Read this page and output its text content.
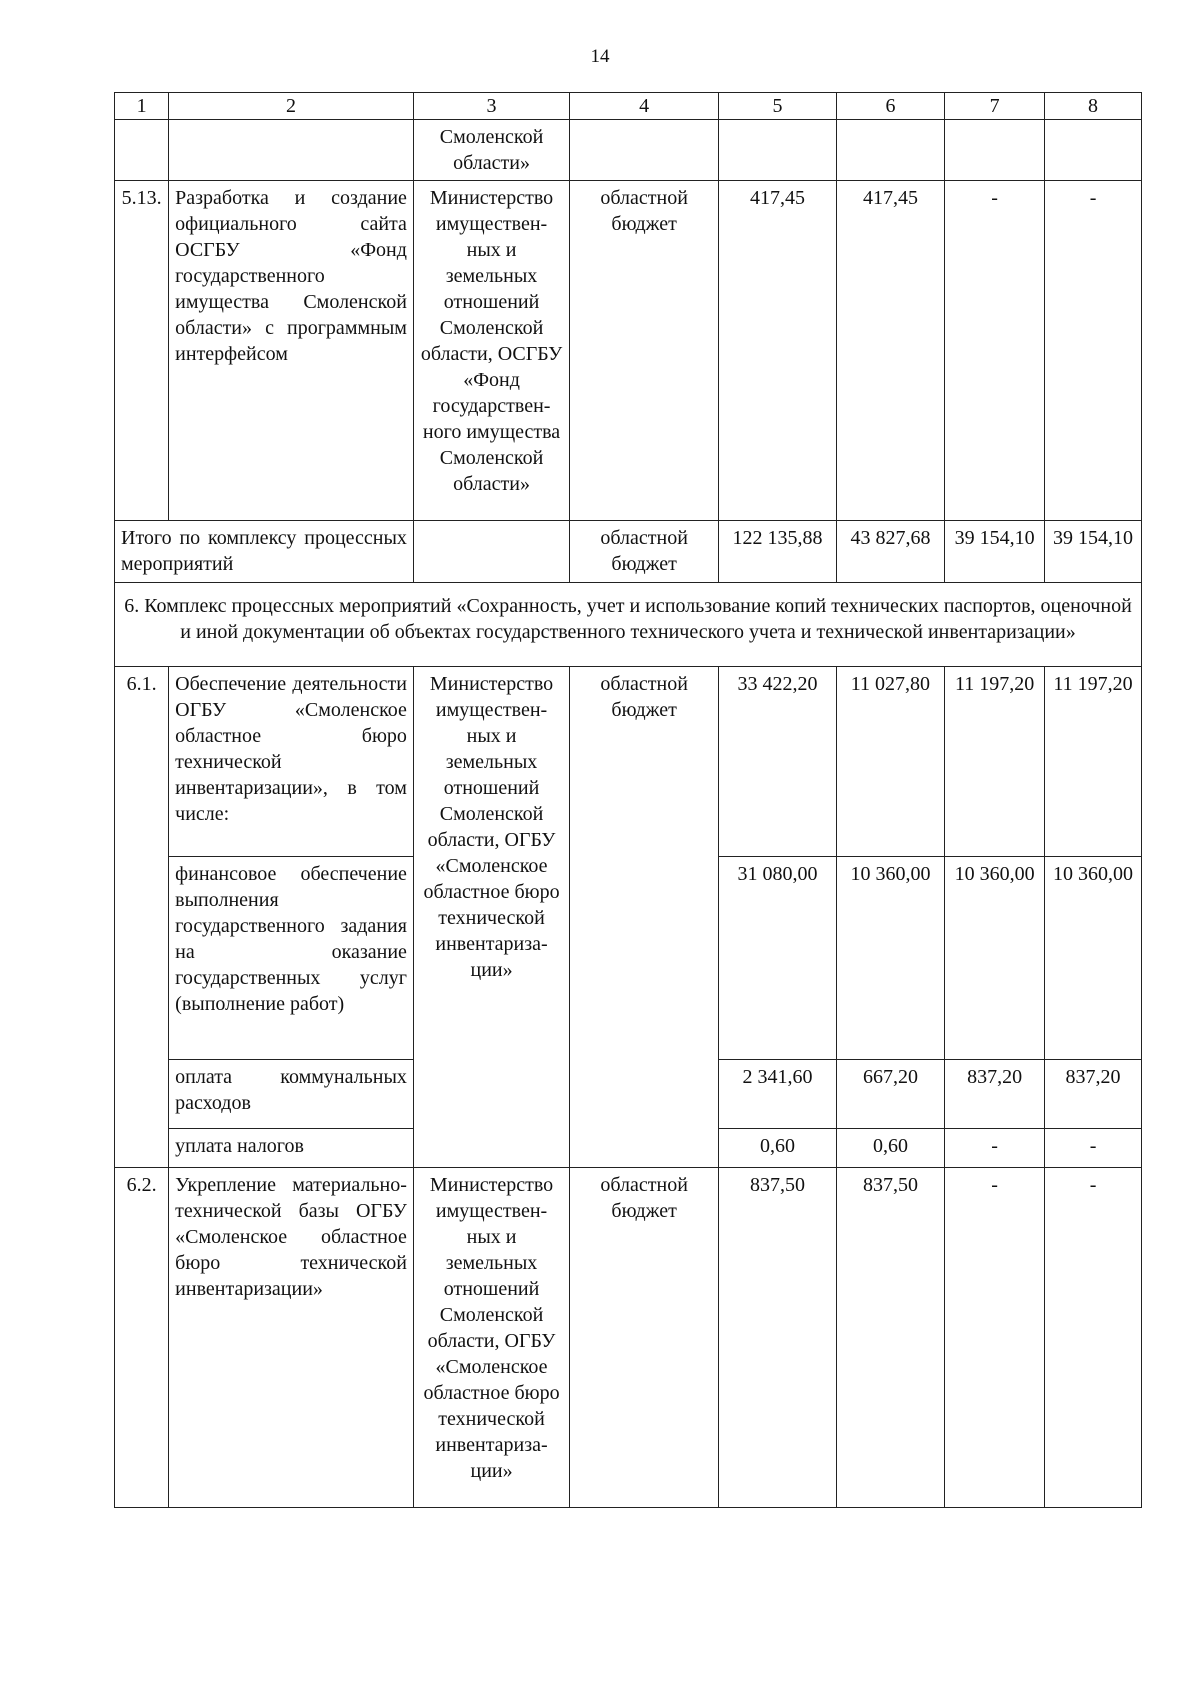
14
1	2	3	4	5	6	7	8
		Смоленской области»					
5.13.	Разработка и создание официального сайта ОСГБУ «Фонд государственного имущества Смоленской области» с программным интерфейсом	Министерство имуществен-ных и земельных отношений Смоленской области, ОСГБУ «Фонд государствен-ного имущества Смоленской области»	областной бюджет	417,45	417,45	-	-
Итого по комплексу процессных мероприятий			областной бюджет	122 135,88	43 827,68	39 154,10	39 154,10
6. Комплекс процессных мероприятий «Сохранность, учет и использование копий технических паспортов, оценочной и иной документации об объектах государственного технического учета и технической инвентаризации»							
6.1.	Обеспечение деятельности ОГБУ «Смоленское областное бюро технической инвентаризации», в том числе:	Министерство имуществен-ных и земельных отношений Смоленской области, ОГБУ «Смоленское областное бюро технической инвентариза-ции»	областной бюджет	33 422,20	11 027,80	11 197,20	11 197,20
	финансовое обеспечение выполнения государственного задания на оказание государственных услуг (выполнение работ)			31 080,00	10 360,00	10 360,00	10 360,00
	оплата коммунальных расходов			2 341,60	667,20	837,20	837,20
	уплата налогов			0,60	0,60	-	-
6.2.	Укрепление материально-технической базы ОГБУ «Смоленское областное бюро технической инвентаризации»	Министерство имуществен-ных и земельных отношений Смоленской области, ОГБУ «Смоленское областное бюро технической инвентариза-ции»	областной бюджет	837,50	837,50	-	-
